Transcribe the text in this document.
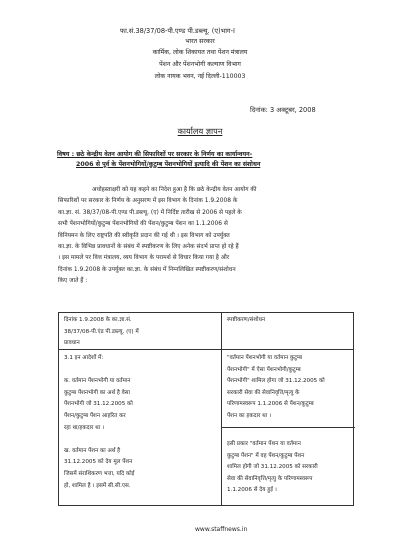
फा.सं.38/37/08-पी.एण्ड पी.डब्ल्यू. (ए)भाग-I
भारत सरकार
कार्मिक, लोक शिकायत तथा पेंशन मंत्रालय
पेंशन और पेंशनभोगी कल्याण विभाग
लोक नायक भवन, नई दिल्ली-110003
दिनांक: 3 अक्टूबर, 2008
कार्यालय ज्ञापन
विषय : छठे केन्द्रीय वेतन आयोग की सिफारिशों पर सरकार के निर्णय का कार्यान्वयन-
2006 से पूर्व के पेंशनभोगियों/कुटुम्ब पेंशनभोगियों इत्यादि की पेंशन का संशोधन
अधोहस्ताक्षरी को यह कहने का निदेश हुआ है कि छठे केन्द्रीय वेतन आयोग की
सिफारिशों पर सरकार के निर्णय के अनुसरण में इस विभाग के दिनांक 1.9.2008 के
का.ज्ञा. सं. 38/37/08-पी.एण्ड पी.डब्ल्यू. (ए) में निर्दिष्ट तारीख से 2006 से पहले के
सभी पेंशनभोगियों/कुटुम्ब पेंशनभोगियों की पेंशन/कुटुम्ब पेंशन का 1.1.2006 से
विनियमन के लिए राष्ट्रपति की स्वीकृति प्रदान की गई थी । इस विभाग को उपर्युक्त
का.ज्ञा. के विभिन्न प्रावधानों के संबंध में स्पष्टीकरण के लिए अनेक संदर्भ प्राप्त हो रहे हैं
। इस मामले पर वित्त मंत्रालय, व्यय विभाग के परामर्श से विचार किया गया है और
दिनांक 1.9.2008 के उपर्युक्त का.ज्ञा. के संबंध में निम्नलिखित स्पष्टीकरण/संशोधन
किए जाते हैं :
दिनांक 1.9.2008 के का.ज्ञा.सं.
38/37/08-पी.एंड पी.डब्ल्यू. (ए) में
प्रावधान
स्पष्टीकरण/संशोधन
3.1 इन आदेशों में:

क. वर्तमान पेंशनभोगी या वर्तमान
कुटुम्ब पेंशनभोगी का अर्थ है वेसा
पेंशनभोगी जो 31.12.2005 को
पेंशन/कुटुम्ब पेंशन आहरित कर
रहा था/हकदार था ।

ख. वर्तमान पेंशन का अर्थ है
31.12.2005 को देय मूल पेंशन
जिसमें संराशिकरण भत्ता, यदि कोई
हो, शामिल है । इसमें सी.सी.एस.
"वर्तमान पेंशनभोगी या वर्तमान कुटुम्ब
पेंशनभोगी" में ऐसा पेंशनभोगी/कुटुम्ब
पेंशनभोगी" शामिल होगा जो 31.12.2005 को
सरकारी सेवा की सेवानिवृत्ति/मृत्यु के
परिणामस्वरूप 1.1.2006 से पेंशन/कुटुम्ब
पेंशन का हकदार था ।
इसी प्रकार "वर्तमान पेंशन या वर्तमान
कुटुम्ब पेंशन" में वह पेंशन/कुटुम्ब पेंशन
शामिल होगी जो 31.12.2005 को सरकारी
सेवा की सेवानिवृत्ति/मृत्यु के परिणामस्वरूप
1.1.2006 से देय हुई ।
www.staffnews.in
